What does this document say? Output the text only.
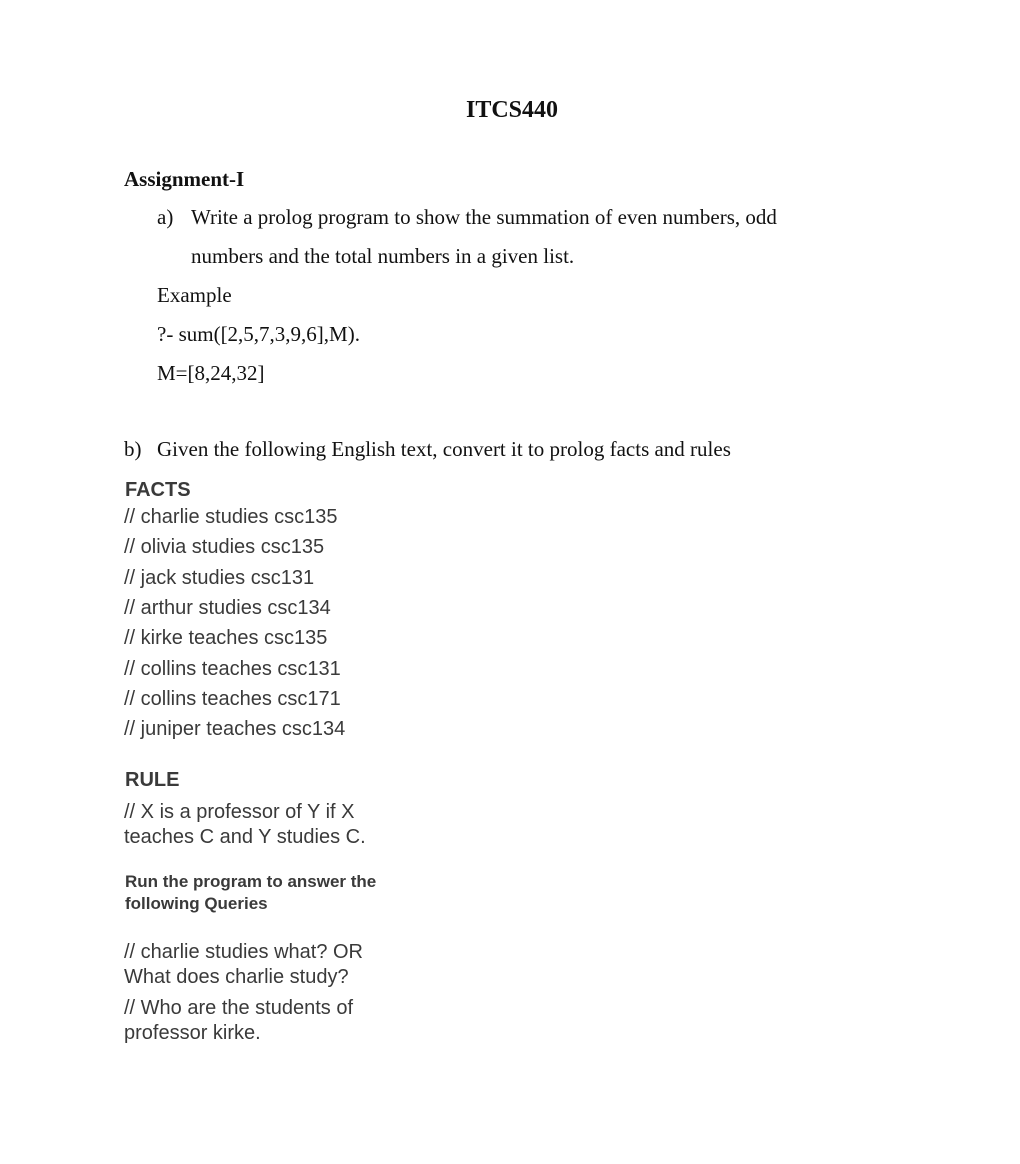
ITCS440
Assignment-I
a) Write a prolog program to show the summation of even numbers, odd
numbers and the total numbers in a given list.
Example
?- sum([2,5,7,3,9,6],M).
M=[8,24,32]
b) Given the following English text, convert it to prolog facts and rules
FACTS
// charlie studies csc135
// olivia studies csc135
// jack studies csc131
// arthur studies csc134
// kirke teaches csc135
// collins teaches csc131
// collins teaches csc171
// juniper teaches csc134
RULE
// X is a professor of Y if X
teaches C and Y studies C.
Run the program to answer the
following Queries
// charlie studies what? OR
What does charlie study?
// Who are the students of
professor kirke.
